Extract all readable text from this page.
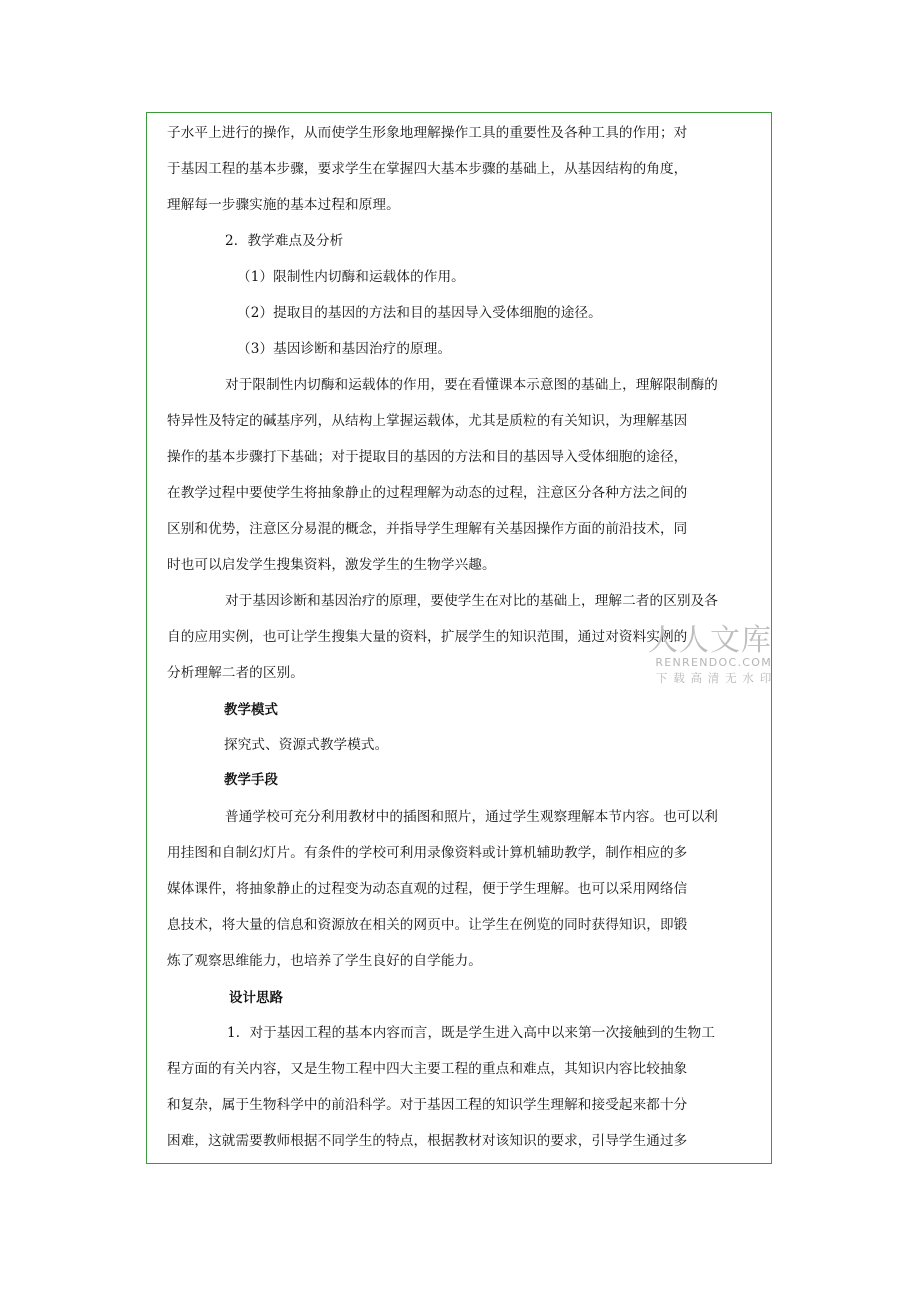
子水平上进行的操作，从而使学生形象地理解操作工具的重要性及各种工具的作用；对
于基因工程的基本步骤，要求学生在掌握四大基本步骤的基础上，从基因结构的角度，
理解每一步骤实施的基本过程和原理。
2．教学难点及分析
（1）限制性内切酶和运载体的作用。
（2）提取目的基因的方法和目的基因导入受体细胞的途径。
（3）基因诊断和基因治疗的原理。
对于限制性内切酶和运载体的作用，要在看懂课本示意图的基础上，理解限制酶的
特异性及特定的碱基序列，从结构上掌握运载体，尤其是质粒的有关知识，为理解基因
操作的基本步骤打下基础；对于提取目的基因的方法和目的基因导入受体细胞的途径，
在教学过程中要使学生将抽象静止的过程理解为动态的过程，注意区分各种方法之间的
区别和优势，注意区分易混的概念，并指导学生理解有关基因操作方面的前沿技术，同
时也可以启发学生搜集资料，激发学生的生物学兴趣。
对于基因诊断和基因治疗的原理，要使学生在对比的基础上，理解二者的区别及各
自的应用实例，也可让学生搜集大量的资料，扩展学生的知识范围，通过对资料实例的
分析理解二者的区别。
教学模式
探究式、资源式教学模式。
教学手段
普通学校可充分利用教材中的插图和照片，通过学生观察理解本节内容。也可以利
用挂图和自制幻灯片。有条件的学校可利用录像资料或计算机辅助教学，制作相应的多
媒体课件，将抽象静止的过程变为动态直观的过程，便于学生理解。也可以采用网络信
息技术，将大量的信息和资源放在相关的网页中。让学生在例览的同时获得知识，即锻
炼了观察思维能力，也培养了学生良好的自学能力。
设计思路
1．对于基因工程的基本内容而言，既是学生进入高中以来第一次接触到的生物工
程方面的有关内容，又是生物工程中四大主要工程的重点和难点，其知识内容比较抽象
和复杂，属于生物科学中的前沿科学。对于基因工程的知识学生理解和接受起来都十分
困难，这就需要教师根据不同学生的特点，根据教材对该知识的要求，引导学生通过多
人人文库
RENRENDOC.COM
下载高清无水印
